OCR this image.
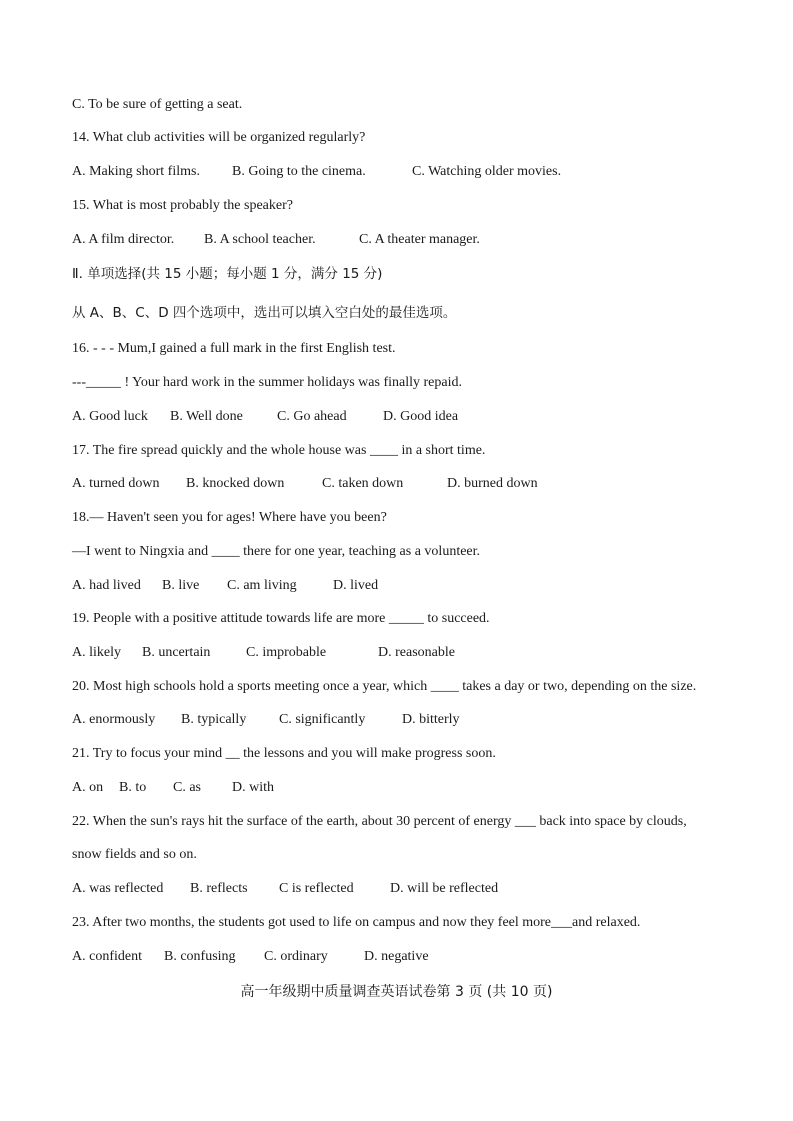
C. To be sure of getting a seat.
14. What club activities will be organized regularly?
A. Making short films. B. Going to the cinema.	C. Watching older movies.
15. What is most probably the speaker?
A. A film director. B. A school teacher.	C. A theater manager.
Ⅱ. 单项选择(共 15 小题；每小题 1 分，满分 15 分)
从 A、B、C、D 四个选项中，选出可以填入空白处的最佳选项。
16. - - - Mum,I gained a full mark in the first English test.
---_____ ! Your hard work in the summer holidays was finally repaid.
A. Good luck B. Well done C. Go ahead	D. Good idea
17. The fire spread quickly and the whole house was ____ in a short time.
A. turned down B. knocked down	C. taken down	D. burned down
18.— Haven't seen you for ages! Where have you been?
—I went to Ningxia and ____ there for one year, teaching as a volunteer.
A. had lived B. live C. am living	D. lived
19. People with a positive attitude towards life are more _____ to succeed.
A. likely B. uncertain	C. improbable	D. reasonable
20. Most high schools hold a sports meeting once a year, which ____ takes a day or two, depending on the size.
A. enormously B. typically C. significantly	D. bitterly
21. Try to focus your mind __ the lessons and you will make progress soon.
A. on B. to C. as D. with
22. When the sun's rays hit the surface of the earth, about 30 percent of energy ___ back into space by clouds,
snow fields and so on.
A. was reflected B. reflects C is reflected	D. will be reflected
23. After two months, the students got used to life on campus and now they feel more___and relaxed.
A. confident B. confusing C. ordinary	D. negative
高一年级期中质量调查英语试卷第 3 页 (共 10 页)
